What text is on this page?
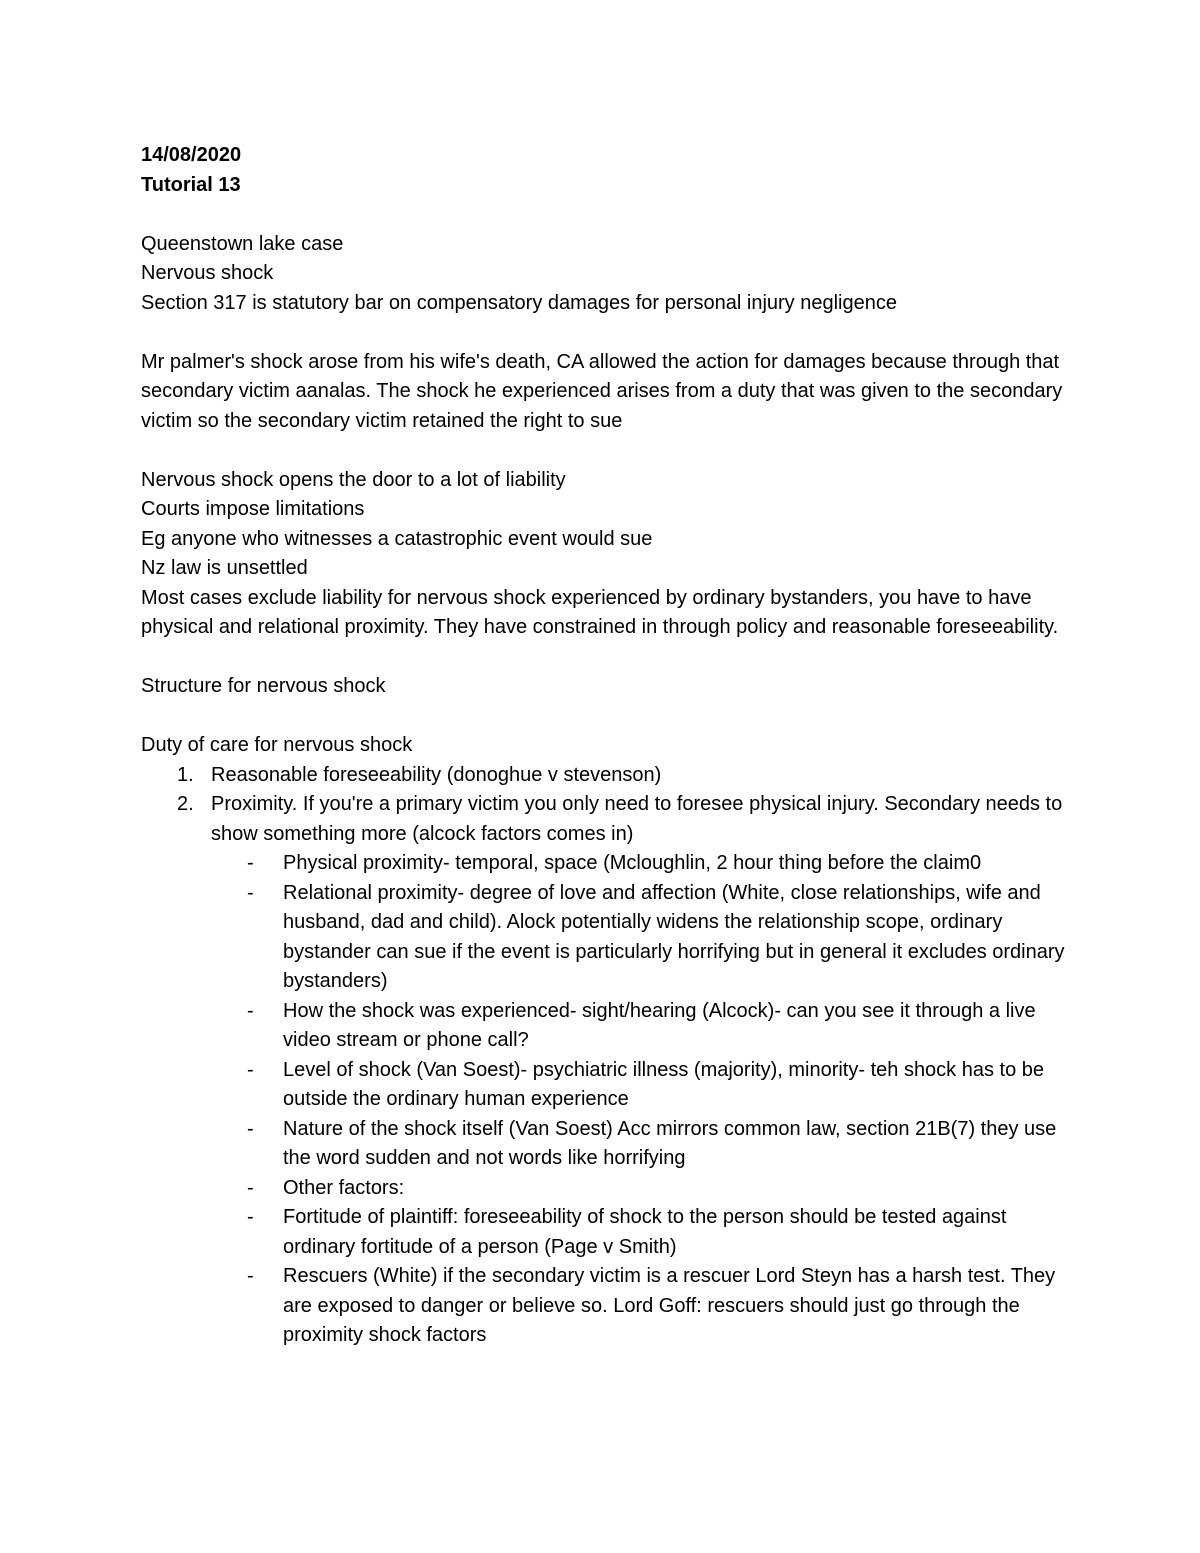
14/08/2020
Tutorial 13
Queenstown lake case
Nervous shock
Section 317 is statutory bar on compensatory damages for personal injury negligence
Mr palmer's shock arose from his wife's death, CA allowed the action for damages because through that secondary victim aanalas. The shock he experienced arises from a duty that was given to the secondary victim so the secondary victim retained the right to sue
Nervous shock opens the door to a lot of liability
Courts impose limitations
Eg anyone who witnesses a catastrophic event would sue
Nz law is unsettled
Most cases exclude liability for nervous shock experienced by ordinary bystanders, you have to have physical and relational proximity. They have constrained in through policy and reasonable foreseeability.
Structure for nervous shock
Duty of care for nervous shock
1. Reasonable foreseeability (donoghue v stevenson)
2. Proximity. If you're a primary victim you only need to foresee physical injury. Secondary needs to show something more (alcock factors comes in)
- Physical proximity- temporal, space (Mcloughlin, 2 hour thing before the claim0
- Relational proximity- degree of love and affection (White, close relationships, wife and husband, dad and child). Alock potentially widens the relationship scope, ordinary bystander can sue if the event is particularly horrifying but in general it excludes ordinary bystanders)
- How the shock was experienced- sight/hearing (Alcock)- can you see it through a live video stream or phone call?
- Level of shock (Van Soest)- psychiatric illness (majority), minority- teh shock has to be outside the ordinary human experience
- Nature of the shock itself (Van Soest) Acc mirrors common law, section 21B(7) they use the word sudden and not words like horrifying
- Other factors:
- Fortitude of plaintiff: foreseeability of shock to the person should be tested against ordinary fortitude of a person (Page v Smith)
- Rescuers (White) if the secondary victim is a rescuer Lord Steyn has a harsh test. They are exposed to danger or believe so. Lord Goff: rescuers should just go through the proximity shock factors
